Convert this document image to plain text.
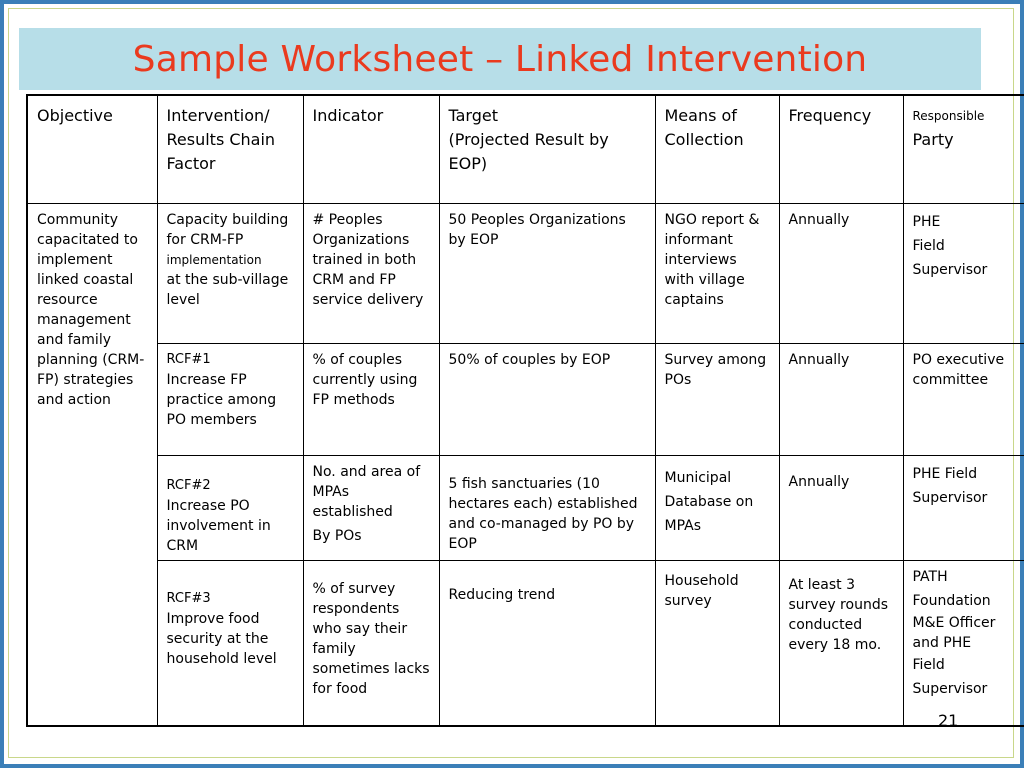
Sample Worksheet – Linked Intervention
Objective	Intervention/
Results Chain Factor	Indicator	Target
(Projected Result by EOP)	Means of Collection	Frequency	Responsible
Party

Community capacitated to implement linked coastal resource management and family planning (CRM-FP) strategies and action	Capacity building for CRM-FP
implementation
at the sub-village level	# Peoples Organizations trained in both CRM and FP service delivery	50 Peoples Organizations by EOP	NGO report & informant
interviews with village captains	Annually	PHE
Field
Supervisor

	RCF#1
Increase FP practice among PO members	% of couples currently using FP methods	50% of couples by EOP	Survey among POs	Annually	PO executive committee

	RCF#2
Increase PO involvement in CRM	No. and area of MPAs established
By POs	5 fish sanctuaries (10 hectares each) established and co-managed by PO by EOP	Municipal
Database on
MPAs	Annually	PHE Field
Supervisor

	RCF#3
Improve food security at the household level	% of survey respondents who say their family sometimes lacks for food	Reducing trend	Household survey	At least 3 survey rounds conducted every 18 mo.	PATH
Foundation
M&E Officer and PHE
Field
Supervisor
21
